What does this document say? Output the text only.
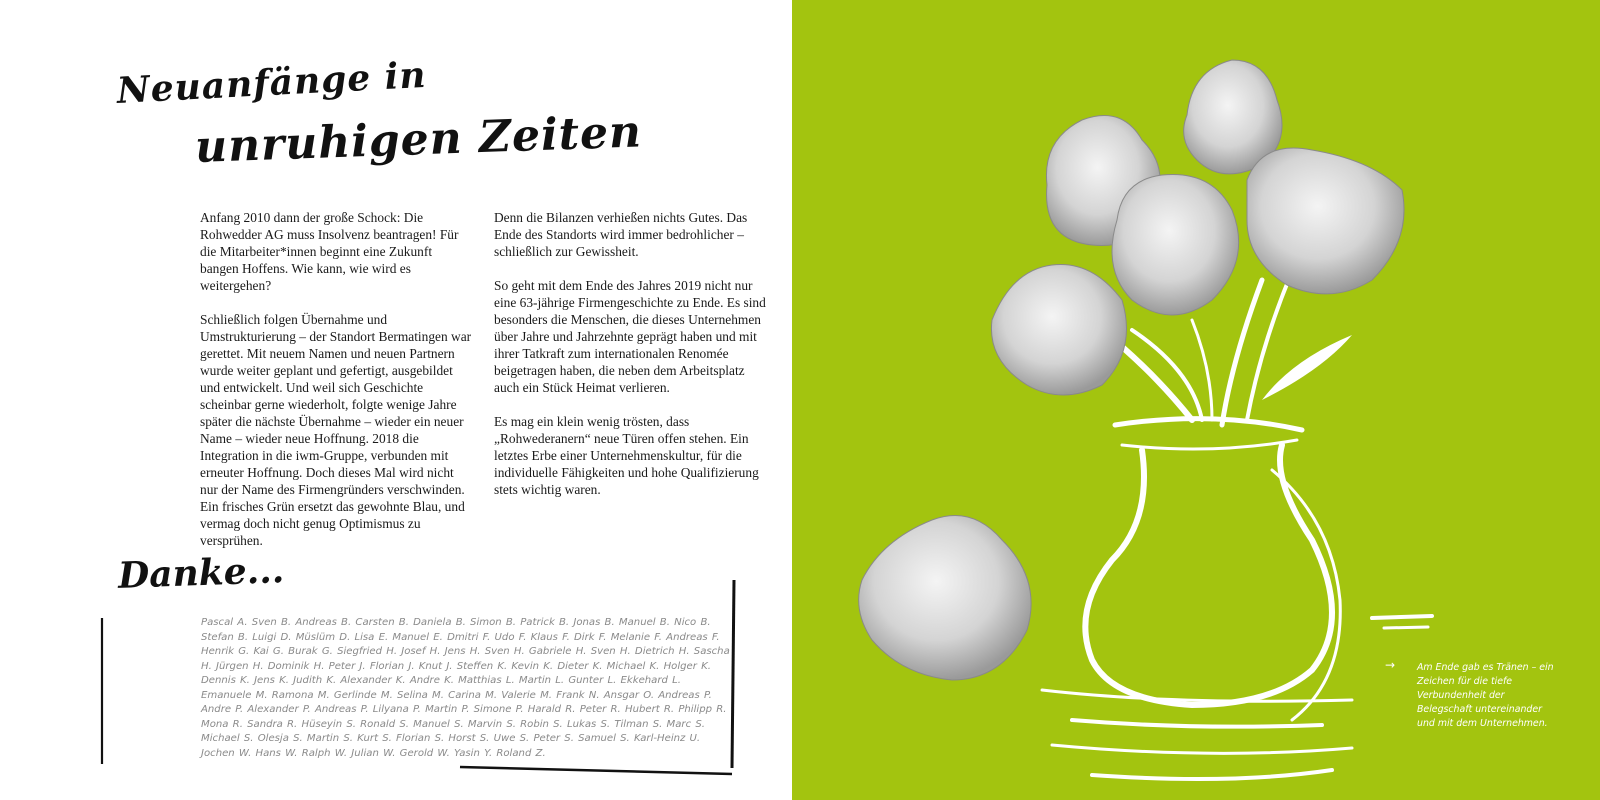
Neuanfänge in
unruhigen Zeiten

Anfang 2010 dann der große Schock: Die Rohwedder AG muss Insolvenz beantragen! Für die Mitarbeiter*innen beginnt eine Zukunft bangen Hoffens. Wie kann, wie wird es weitergehen?

Schließlich folgen Übernahme und Umstrukturierung – der Standort Bermatingen war gerettet. Mit neuem Namen und neuen Partnern wurde weiter geplant und gefertigt, ausgebildet und entwickelt. Und weil sich Geschichte scheinbar gerne wiederholt, folgte wenige Jahre später die nächste Übernahme – wieder ein neuer Name – wieder neue Hoffnung. 2018 die Integration in die iwm-Gruppe, verbunden mit erneuter Hoffnung. Doch dieses Mal wird nicht nur der Name des Firmengründers verschwinden. Ein frisches Grün ersetzt das gewohnte Blau, und vermag doch nicht genug Optimismus zu versprühen.

Denn die Bilanzen verhießen nichts Gutes. Das Ende des Standorts wird immer bedrohlicher – schließlich zur Gewissheit.

So geht mit dem Ende des Jahres 2019 nicht nur eine 63-jährige Firmengeschichte zu Ende. Es sind besonders die Menschen, die dieses Unternehmen über Jahre und Jahrzehnte geprägt haben und mit ihrer Tatkraft zum internationalen Renomée beigetragen haben, die neben dem Arbeitsplatz auch ein Stück Heimat verlieren.

Es mag ein klein wenig trösten, dass „Rohwederanern“ neue Türen offen stehen. Ein letztes Erbe einer Unternehmenskultur, für die individuelle Fähigkeiten und hohe Qualifizierung stets wichtig waren.

Danke...
Pascal A. Sven B. Andreas B. Carsten B. Daniela B. Simon B. Patrick B. Jonas B. Manuel B. Nico B. Stefan B. Luigi D. Müslüm D. Lisa E. Manuel E. Dmitri F. Udo F. Klaus F. Dirk F. Melanie F. Andreas F. Henrik G. Kai G. Burak G. Siegfried H. Josef H. Jens H. Sven H. Gabriele H. Sven H. Dietrich H. Sascha H. Jürgen H. Dominik H. Peter J. Florian J. Knut J. Steffen K. Kevin K. Dieter K. Michael K. Holger K. Dennis K. Jens K. Judith K. Alexander K. Andre K. Matthias L. Martin L. Gunter L. Ekkehard L. Emanuele M. Ramona M. Gerlinde M. Selina M. Carina M. Valerie M. Frank N. Ansgar O. Andreas P. Andre P. Alexander P. Andreas P. Lilyana P. Martin P. Simone P. Harald R. Peter R. Hubert R. Philipp R. Mona R. Sandra R. Hüseyin S. Ronald S. Manuel S. Marvin S. Robin S. Lukas S. Tilman S. Marc S. Michael S. Olesja S. Martin S. Kurt S. Florian S. Horst S. Uwe S. Peter S. Samuel S. Karl-Heinz U. Jochen W. Hans W. Ralph W. Julian W. Gerold W. Yasin Y. Roland Z.
→ Am Ende gab es Tränen – ein Zeichen für die tiefe Verbundenheit der Belegschaft untereinander und mit dem Unternehmen.
